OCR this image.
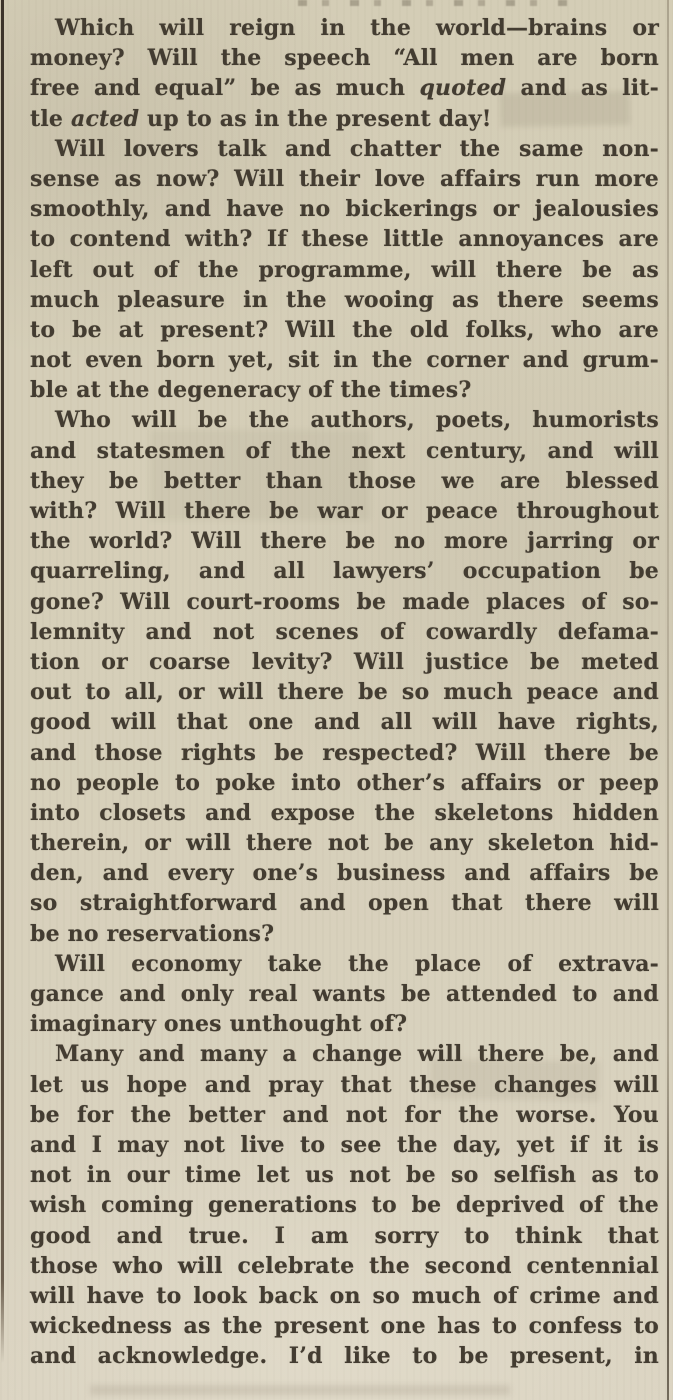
Which will reign in the world—brains or
money? Will the speech “All men are born
free and equal” be as much quoted and as lit-
tle acted up to as in the present day!
Will lovers talk and chatter the same non-
sense as now? Will their love affairs run more
smoothly, and have no bickerings or jealousies
to contend with? If these little annoyances are
left out of the programme, will there be as
much pleasure in the wooing as there seems
to be at present? Will the old folks, who are
not even born yet, sit in the corner and grum-
ble at the degeneracy of the times?
Who will be the authors, poets, humorists
and statesmen of the next century, and will
they be better than those we are blessed
with? Will there be war or peace throughout
the world? Will there be no more jarring or
quarreling, and all lawyers’ occupation be
gone? Will court-rooms be made places of so-
lemnity and not scenes of cowardly defama-
tion or coarse levity? Will justice be meted
out to all, or will there be so much peace and
good will that one and all will have rights,
and those rights be respected? Will there be
no people to poke into other’s affairs or peep
into closets and expose the skeletons hidden
therein, or will there not be any skeleton hid-
den, and every one’s business and affairs be
so straightforward and open that there will
be no reservations?
Will economy take the place of extrava-
gance and only real wants be attended to and
imaginary ones unthought of?
Many and many a change will there be, and
let us hope and pray that these changes will
be for the better and not for the worse. You
and I may not live to see the day, yet if it is
not in our time let us not be so selfish as to
wish coming generations to be deprived of the
good and true. I am sorry to think that
those who will celebrate the second centennial
will have to look back on so much of crime and
wickedness as the present one has to confess to
and acknowledge. I’d like to be present, in
